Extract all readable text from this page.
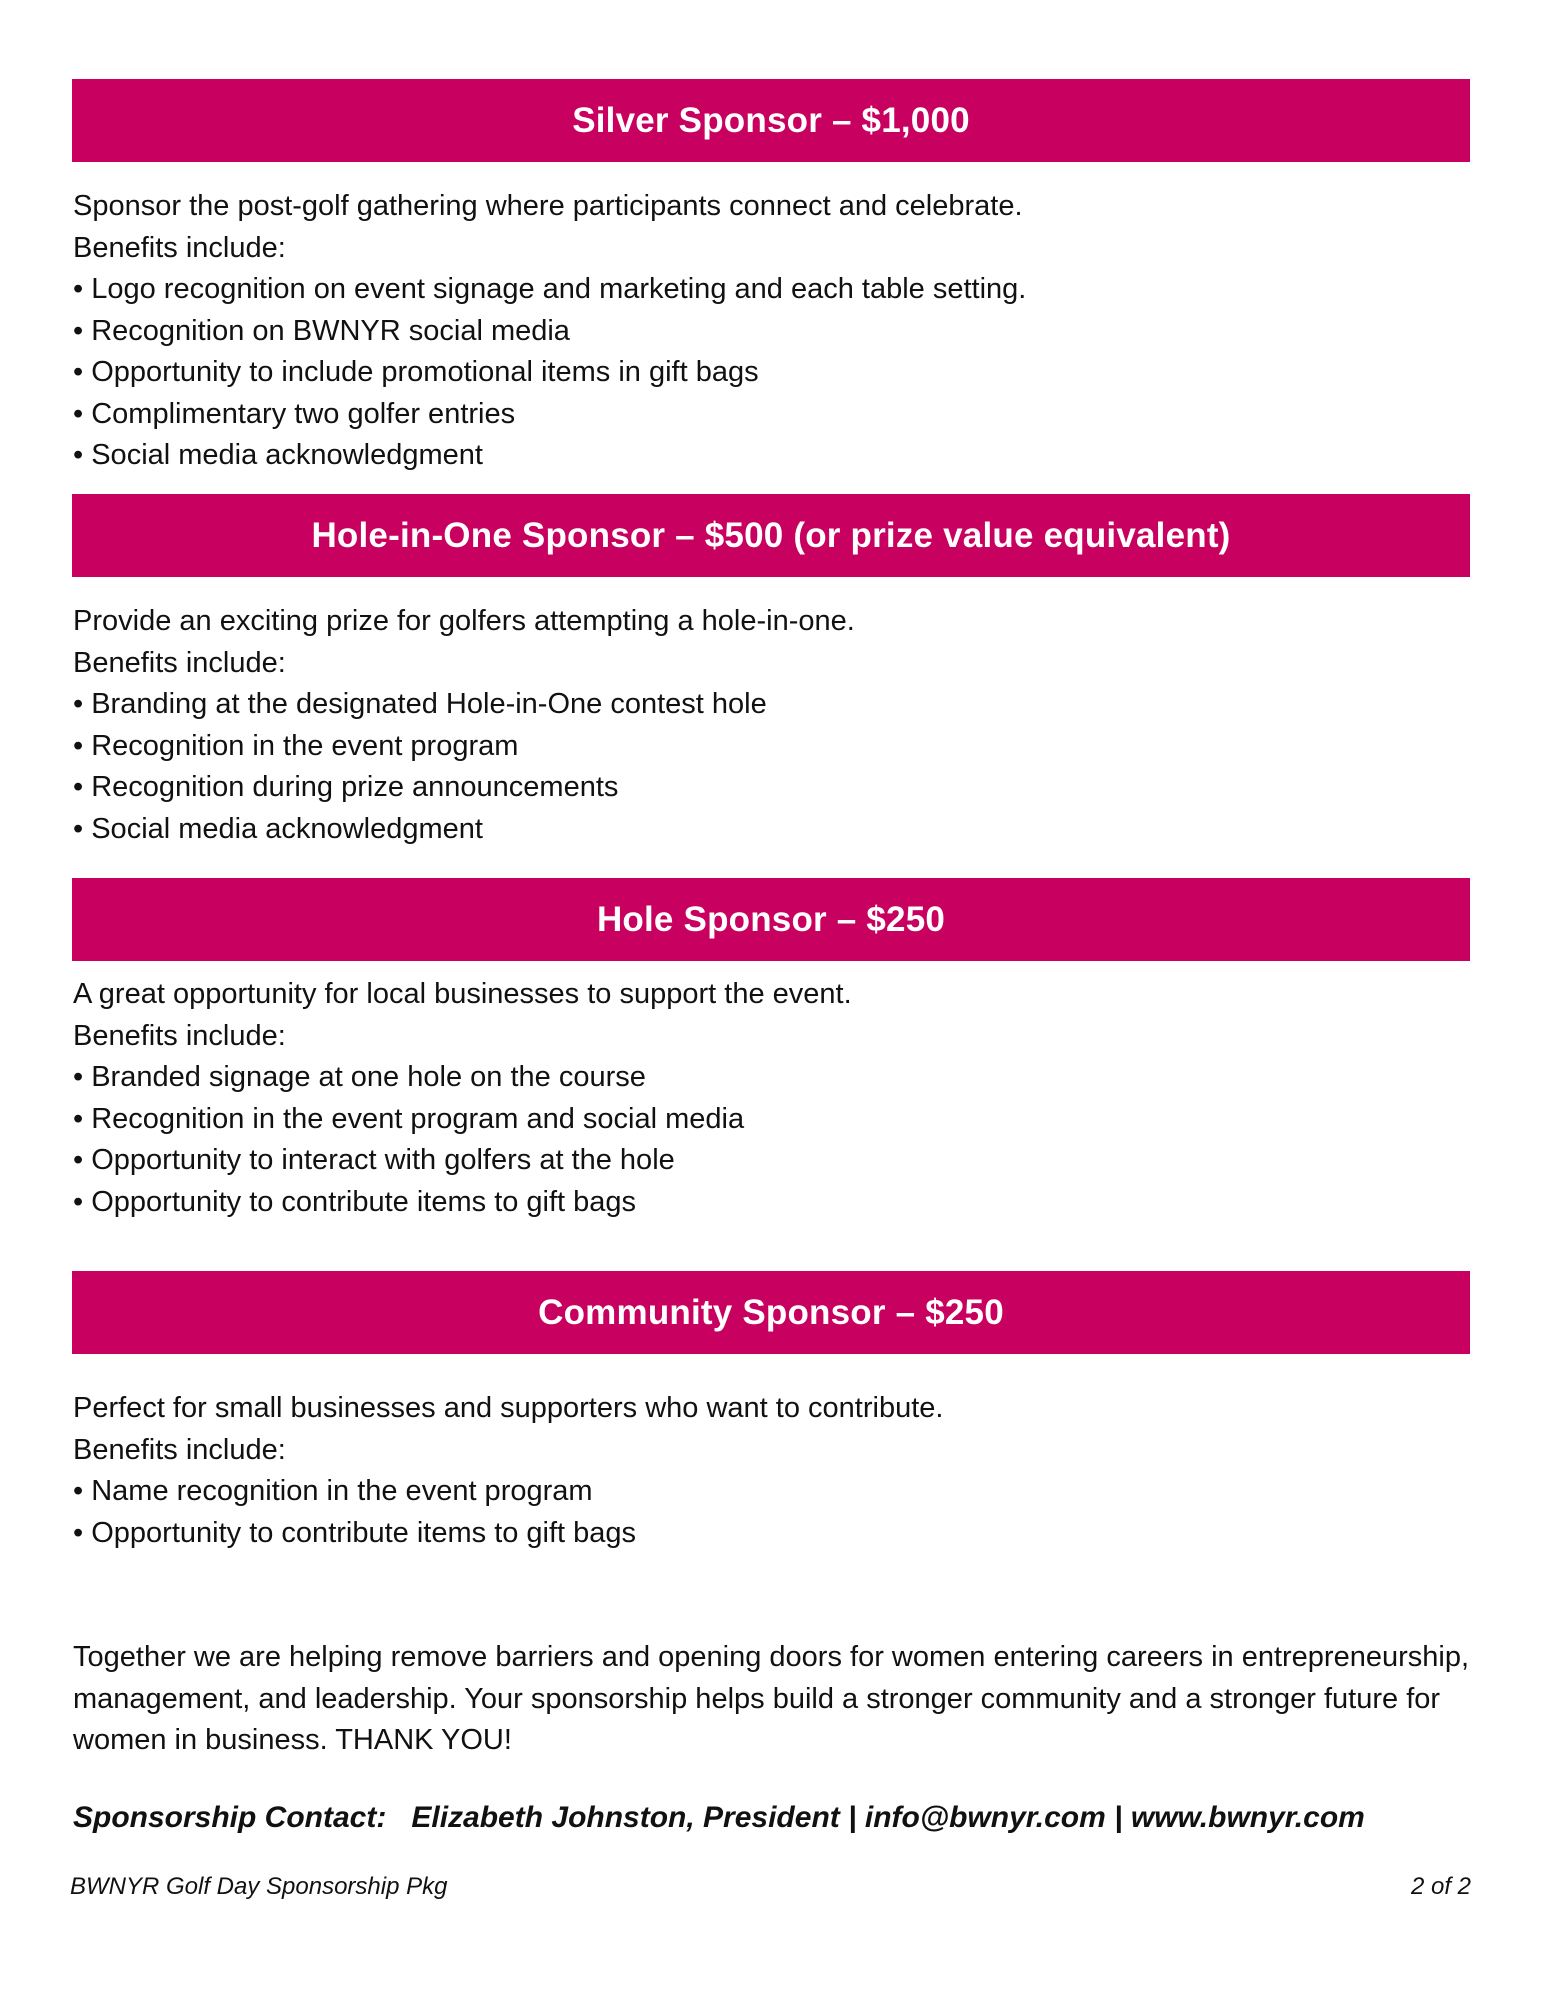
Silver Sponsor – $1,000

Sponsor the post-golf gathering where participants connect and celebrate.

Benefits include:

• Logo recognition on event signage and marketing and each table setting.
• Recognition on BWNYR social media
• Opportunity to include promotional items in gift bags
• Complimentary two golfer entries
• Social media acknowledgment
Hole-in-One Sponsor – $500 (or prize value equivalent)

Provide an exciting prize for golfers attempting a hole-in-one.

Benefits include:

• Branding at the designated Hole-in-One contest hole
• Recognition in the event program
• Recognition during prize announcements
• Social media acknowledgment
Hole Sponsor – $250

A great opportunity for local businesses to support the event.

Benefits include:

• Branded signage at one hole on the course
• Recognition in the event program and social media
• Opportunity to interact with golfers at the hole
• Opportunity to contribute items to gift bags
Community Sponsor – $250

Perfect for small businesses and supporters who want to contribute.

Benefits include:

• Name recognition in the event program
• Opportunity to contribute items to gift bags

Together we are helping remove barriers and opening doors for women entering careers in entrepreneurship, management, and leadership. Your sponsorship helps build a stronger community and a stronger future for women in business. THANK YOU!

Sponsorship Contact: Elizabeth Johnston, President | info@bwnyr.com | www.bwnyr.com

BWNYR Golf Day Sponsorship Pkg	2 of 2
